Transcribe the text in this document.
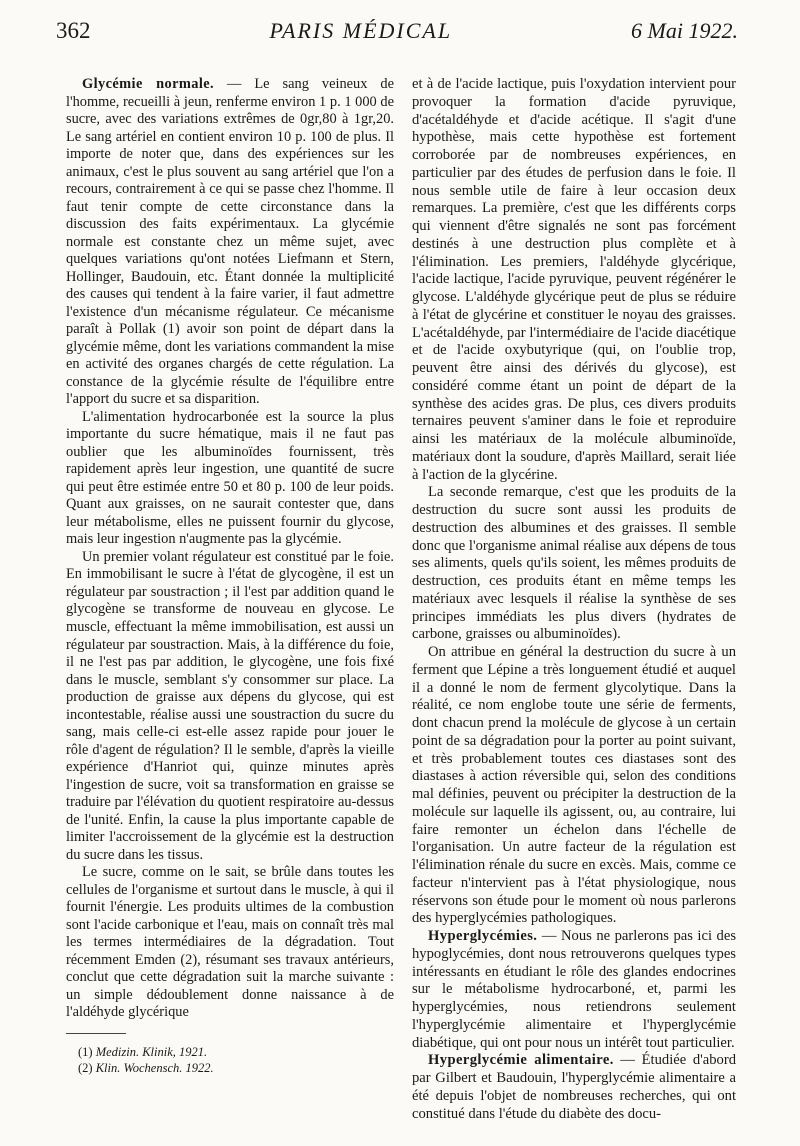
362	PARIS MÉDICAL	6 Mai 1922.

Glycémie normale. — Le sang veineux de l'homme, recueilli à jeun, renferme environ 1 p. 1 000 de sucre, avec des variations extrêmes de 0gr,80 à 1gr,20. Le sang artériel en contient environ 10 p. 100 de plus. Il importe de noter que, dans des expériences sur les animaux, c'est le plus souvent au sang artériel que l'on a recours, contrairement à ce qui se passe chez l'homme. Il faut tenir compte de cette circonstance dans la discussion des faits expérimentaux. La glycémie normale est constante chez un même sujet, avec quelques variations qu'ont notées Liefmann et Stern, Hollinger, Baudouin, etc. Étant donnée la multiplicité des causes qui tendent à la faire varier, il faut admettre l'existence d'un mécanisme régulateur. Ce mécanisme paraît à Pollak (1) avoir son point de départ dans la glycémie même, dont les variations commandent la mise en activité des organes chargés de cette régulation. La constance de la glycémie résulte de l'équilibre entre l'apport du sucre et sa disparition.

L'alimentation hydrocarbonée est la source la plus importante du sucre hématique, mais il ne faut pas oublier que les albuminoïdes fournissent, très rapidement après leur ingestion, une quantité de sucre qui peut être estimée entre 50 et 80 p. 100 de leur poids. Quant aux graisses, on ne saurait contester que, dans leur métabolisme, elles ne puissent fournir du glycose, mais leur ingestion n'augmente pas la glycémie.

Un premier volant régulateur est constitué par le foie. En immobilisant le sucre à l'état de glycogène, il est un régulateur par soustraction ; il l'est par addition quand le glycogène se transforme de nouveau en glycose. Le muscle, effectuant la même immobilisation, est aussi un régulateur par soustraction. Mais, à la différence du foie, il ne l'est pas par addition, le glycogène, une fois fixé dans le muscle, semblant s'y consommer sur place. La production de graisse aux dépens du glycose, qui est incontestable, réalise aussi une soustraction du sucre du sang, mais celle-ci est-elle assez rapide pour jouer le rôle d'agent de régulation? Il le semble, d'après la vieille expérience d'Hanriot qui, quinze minutes après l'ingestion de sucre, voit sa transformation en graisse se traduire par l'élévation du quotient respiratoire au-dessus de l'unité. Enfin, la cause la plus importante capable de limiter l'accroissement de la glycémie est la destruction du sucre dans les tissus.

Le sucre, comme on le sait, se brûle dans toutes les cellules de l'organisme et surtout dans le muscle, à qui il fournit l'énergie. Les produits ultimes de la combustion sont l'acide carbonique et l'eau, mais on connaît très mal les termes intermédiaires de la dégradation. Tout récemment Emden (2), résumant ses travaux antérieurs, conclut que cette dégradation suit la marche suivante : un simple dédoublement donne naissance à de l'aldéhyde glycérique

et à de l'acide lactique, puis l'oxydation intervient pour provoquer la formation d'acide pyruvique, d'acétaldéhyde et d'acide acétique. Il s'agit d'une hypothèse, mais cette hypothèse est fortement corroborée par de nombreuses expériences, en particulier par des études de perfusion dans le foie. Il nous semble utile de faire à leur occasion deux remarques. La première, c'est que les différents corps qui viennent d'être signalés ne sont pas forcément destinés à une destruction plus complète et à l'élimination. Les premiers, l'aldéhyde glycérique, l'acide lactique, l'acide pyruvique, peuvent régénérer le glycose. L'aldéhyde glycérique peut de plus se réduire à l'état de glycérine et constituer le noyau des graisses. L'acétaldéhyde, par l'intermédiaire de l'acide diacétique et de l'acide oxybutyrique (qui, on l'oublie trop, peuvent être ainsi des dérivés du glycose), est considéré comme étant un point de départ de la synthèse des acides gras. De plus, ces divers produits ternaires peuvent s'aminer dans le foie et reproduire ainsi les matériaux de la molécule albuminoïde, matériaux dont la soudure, d'après Maillard, serait liée à l'action de la glycérine.

La seconde remarque, c'est que les produits de la destruction du sucre sont aussi les produits de destruction des albumines et des graisses. Il semble donc que l'organisme animal réalise aux dépens de tous ses aliments, quels qu'ils soient, les mêmes produits de destruction, ces produits étant en même temps les matériaux avec lesquels il réalise la synthèse de ses principes immédiats les plus divers (hydrates de carbone, graisses ou albuminoïdes).

On attribue en général la destruction du sucre à un ferment que Lépine a très longuement étudié et auquel il a donné le nom de ferment glycolytique. Dans la réalité, ce nom englobe toute une série de ferments, dont chacun prend la molécule de glycose à un certain point de sa dégradation pour la porter au point suivant, et très probablement toutes ces diastases sont des diastases à action réversible qui, selon des conditions mal définies, peuvent ou précipiter la destruction de la molécule sur laquelle ils agissent, ou, au contraire, lui faire remonter un échelon dans l'échelle de l'organisation. Un autre facteur de la régulation est l'élimination rénale du sucre en excès. Mais, comme ce facteur n'intervient pas à l'état physiologique, nous réservons son étude pour le moment où nous parlerons des hyperglycémies pathologiques.

Hyperglycémies. — Nous ne parlerons pas ici des hypoglycémies, dont nous retrouverons quelques types intéressants en étudiant le rôle des glandes endocrines sur le métabolisme hydrocarboné, et, parmi les hyperglycémies, nous retiendrons seulement l'hyperglycémie alimentaire et l'hyperglycémie diabétique, qui ont pour nous un intérêt tout particulier.

Hyperglycémie alimentaire. — Étudiée d'abord par Gilbert et Baudouin, l'hyperglycémie alimentaire a été depuis l'objet de nombreuses recherches, qui ont constitué dans l'étude du diabète des docu-

(1) Medizin. Klinik, 1921.
(2) Klin. Wochensch. 1922.
